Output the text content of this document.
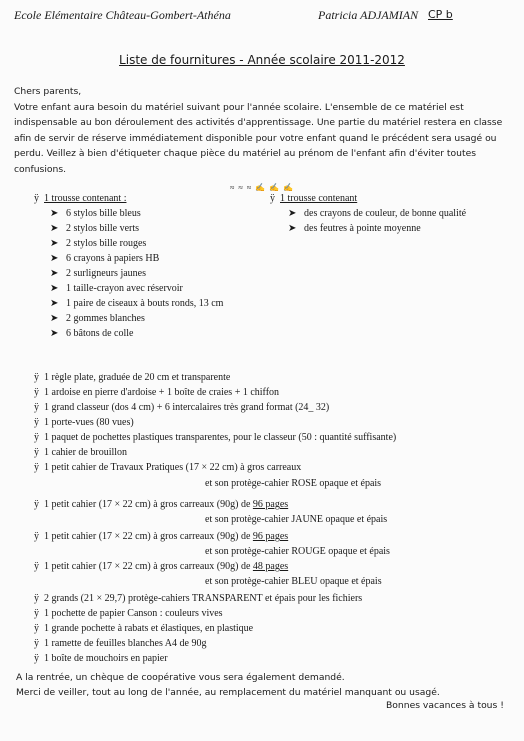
Ecole Elémentaire Château-Gombert-Athéna	Patricia ADJAMIAN CP b
Liste de fournitures - Année scolaire 2011-2012

Chers parents,

Votre enfant aura besoin du matériel suivant pour l'année scolaire. L'ensemble de ce matériel est

indispensable au bon déroulement des activités d'apprentissage. Une partie du matériel restera en classe

afin de servir de réserve immédiatement disponible pour votre enfant quand le précédent sera usagé ou

perdu. Veillez à bien d'étiqueter chaque pièce du matériel au prénom de l'enfant afin d'éviter toutes

confusions.

≈ ≈ ≈ ✍ ✍ ✍
ÿ 1 trousse contenant :
➤ 6 stylos bille bleus
➤ 2 stylos bille verts
➤ 2 stylos bille rouges
➤ 6 crayons à papiers HB
➤ 2 surligneurs jaunes
➤ 1 taille-crayon avec réservoir
➤ 1 paire de ciseaux à bouts ronds, 13 cm
➤ 2 gommes blanches
➤ 6 bâtons de colle
ÿ 1 trousse contenant
➤ des crayons de couleur, de bonne qualité
➤ des feutres à pointe moyenne
ÿ 1 règle plate, graduée de 20 cm et transparente
ÿ 1 ardoise en pierre d'ardoise + 1 boîte de craies + 1 chiffon
ÿ 1 grand classeur (dos 4 cm) + 6 intercalaires très grand format (24_ 32)
ÿ 1 porte-vues (80 vues)
ÿ 1 paquet de pochettes plastiques transparentes, pour le classeur (50 : quantité suffisante)
ÿ 1 cahier de brouillon
ÿ 1 petit cahier de Travaux Pratiques (17 × 22 cm) à gros carreaux
et son protège-cahier ROSE opaque et épais
ÿ 1 petit cahier (17 × 22 cm) à gros carreaux (90g) de 96 pages
et son protège-cahier JAUNE opaque et épais
ÿ 1 petit cahier (17 × 22 cm) à gros carreaux (90g) de 96 pages
et son protège-cahier ROUGE opaque et épais
ÿ 1 petit cahier (17 × 22 cm) à gros carreaux (90g) de 48 pages
et son protège-cahier BLEU opaque et épais
ÿ 2 grands (21 × 29,7) protège-cahiers TRANSPARENT et épais pour les fichiers
ÿ 1 pochette de papier Canson : couleurs vives
ÿ 1 grande pochette à rabats et élastiques, en plastique
ÿ 1 ramette de feuilles blanches A4 de 90g
ÿ 1 boîte de mouchoirs en papier
A la rentrée, un chèque de coopérative vous sera également demandé.
Merci de veiller, tout au long de l'année, au remplacement du matériel manquant ou usagé.
Bonnes vacances à tous !
